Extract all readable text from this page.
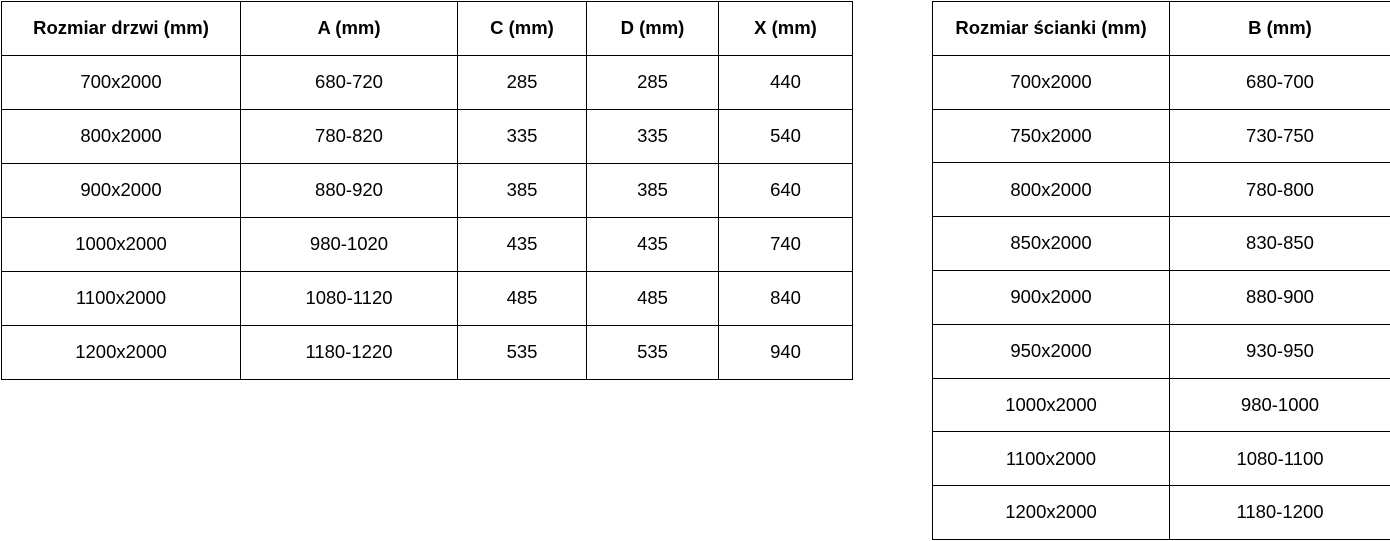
Rozmiar drzwi (mm)	A (mm)	C (mm)	D (mm)	X (mm)
700x2000	680-720	285	285	440
800x2000	780-820	335	335	540
900x2000	880-920	385	385	640
1000x2000	980-1020	435	435	740
1100x2000	1080-1120	485	485	840
1200x2000	1180-1220	535	535	940
Rozmiar ścianki (mm)	B (mm)
700x2000	680-700
750x2000	730-750
800x2000	780-800
850x2000	830-850
900x2000	880-900
950x2000	930-950
1000x2000	980-1000
1100x2000	1080-1100
1200x2000	1180-1200
